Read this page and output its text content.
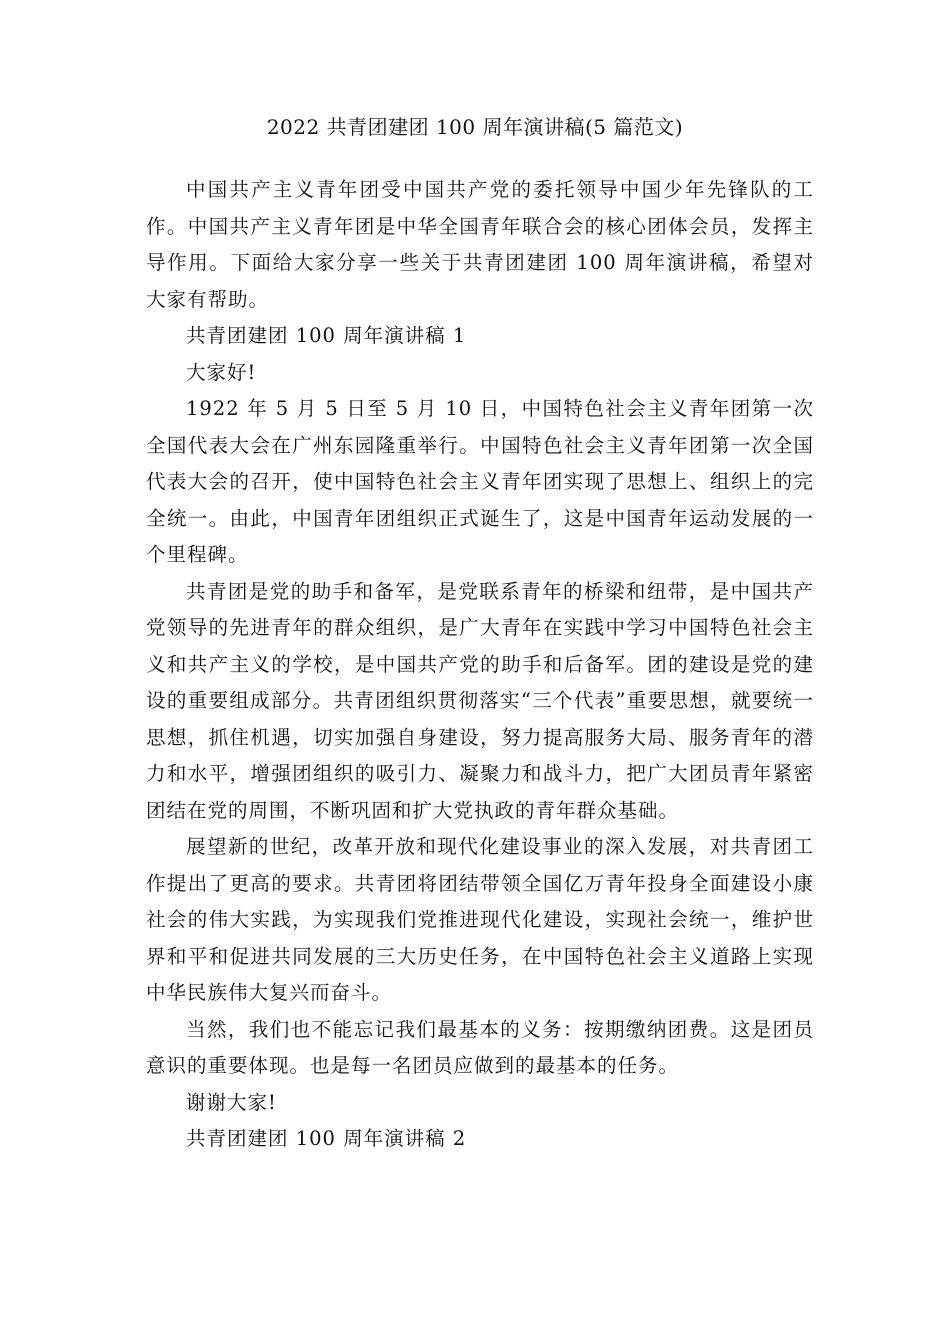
2022 共青团建团 100 周年演讲稿(5 篇范文)

中国共产主义青年团受中国共产党的委托领导中国少年先锋队的工作。中国共产主义青年团是中华全国青年联合会的核心团体会员，发挥主导作用。下面给大家分享一些关于共青团建团 100 周年演讲稿，希望对大家有帮助。

共青团建团 100 周年演讲稿 1

大家好!

1922 年 5 月 5 日至 5 月 10 日，中国特色社会主义青年团第一次全国代表大会在广州东园隆重举行。中国特色社会主义青年团第一次全国代表大会的召开，使中国特色社会主义青年团实现了思想上、组织上的完全统一。由此，中国青年团组织正式诞生了，这是中国青年运动发展的一个里程碑。

共青团是党的助手和备军，是党联系青年的桥梁和纽带，是中国共产党领导的先进青年的群众组织，是广大青年在实践中学习中国特色社会主义和共产主义的学校，是中国共产党的助手和后备军。团的建设是党的建设的重要组成部分。共青团组织贯彻落实“三个代表”重要思想，就要统一思想，抓住机遇，切实加强自身建设，努力提高服务大局、服务青年的潜力和水平，增强团组织的吸引力、凝聚力和战斗力，把广大团员青年紧密团结在党的周围，不断巩固和扩大党执政的青年群众基础。

展望新的世纪，改革开放和现代化建设事业的深入发展，对共青团工作提出了更高的要求。共青团将团结带领全国亿万青年投身全面建设小康社会的伟大实践，为实现我们党推进现代化建设，实现社会统一，维护世界和平和促进共同发展的三大历史任务，在中国特色社会主义道路上实现中华民族伟大复兴而奋斗。

当然，我们也不能忘记我们最基本的义务：按期缴纳团费。这是团员意识的重要体现。也是每一名团员应做到的最基本的任务。

谢谢大家!

共青团建团 100 周年演讲稿 2
